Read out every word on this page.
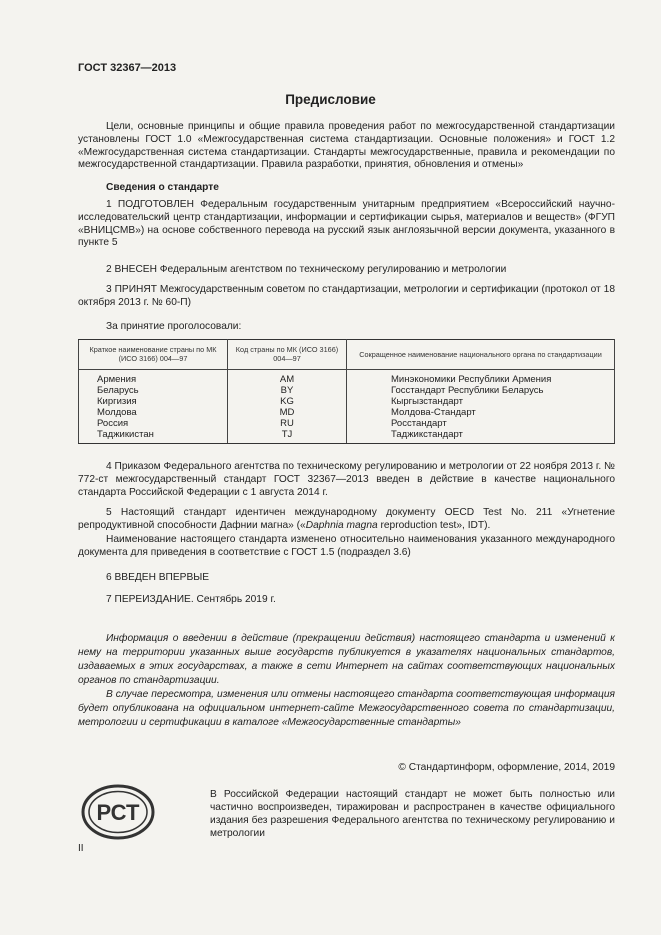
ГОСТ 32367—2013
Предисловие
Цели, основные принципы и общие правила проведения работ по межгосударственной стандартизации установлены ГОСТ 1.0 «Межгосударственная система стандартизации. Основные положения» и ГОСТ 1.2 «Межгосударственная система стандартизации. Стандарты межгосударственные, правила и рекомендации по межгосударственной стандартизации. Правила разработки, принятия, обновления и отмены»
Сведения о стандарте
1 ПОДГОТОВЛЕН Федеральным государственным унитарным предприятием «Всероссийский научно-исследовательский центр стандартизации, информации и сертификации сырья, материалов и веществ» (ФГУП «ВНИЦСМВ») на основе собственного перевода на русский язык англоязычной версии документа, указанного в пункте 5
2 ВНЕСЕН Федеральным агентством по техническому регулированию и метрологии
3 ПРИНЯТ Межгосударственным советом по стандартизации, метрологии и сертификации (протокол от 18 октября 2013 г. № 60-П)
За принятие проголосовали:
Краткое наименование страны по МК (ИСО 3166) 004—97	Код страны по МК (ИСО 3166) 004—97	Сокращенное наименование национального органа по стандартизации
Армения	AM	Минэкономики Республики Армения
Беларусь	BY	Госстандарт Республики Беларусь
Киргизия	KG	Кыргызстандарт
Молдова	MD	Молдова-Стандарт
Россия	RU	Росстандарт
Таджикистан	TJ	Таджикстандарт
4 Приказом Федерального агентства по техническому регулированию и метрологии от 22 ноября 2013 г. № 772-ст межгосударственный стандарт ГОСТ 32367—2013 введен в действие в качестве национального стандарта Российской Федерации с 1 августа 2014 г.
5 Настоящий стандарт идентичен международному документу OECD Test No. 211 «Угнетение репродуктивной способности Дафнии магна» («Daphnia magna reproduction test», IDT).
Наименование настоящего стандарта изменено относительно наименования указанного международного документа для приведения в соответствие с ГОСТ 1.5 (подраздел 3.6)
6 ВВЕДЕН ВПЕРВЫЕ
7 ПЕРЕИЗДАНИЕ. Сентябрь 2019 г.
Информация о введении в действие (прекращении действия) настоящего стандарта и изменений к нему на территории указанных выше государств публикуется в указателях национальных стандартов, издаваемых в этих государствах, а также в сети Интернет на сайтах соответствующих национальных органов по стандартизации.
В случае пересмотра, изменения или отмены настоящего стандарта соответствующая информация будет опубликована на официальном интернет-сайте Межгосударственного совета по стандартизации, метрологии и сертификации в каталоге «Межгосударственные стандарты»
© Стандартинформ, оформление, 2014, 2019
РСТ
В Российской Федерации настоящий стандарт не может быть полностью или частично воспроизведен, тиражирован и распространен в качестве официального издания без разрешения Федерального агентства по техническому регулированию и метрологии
II
